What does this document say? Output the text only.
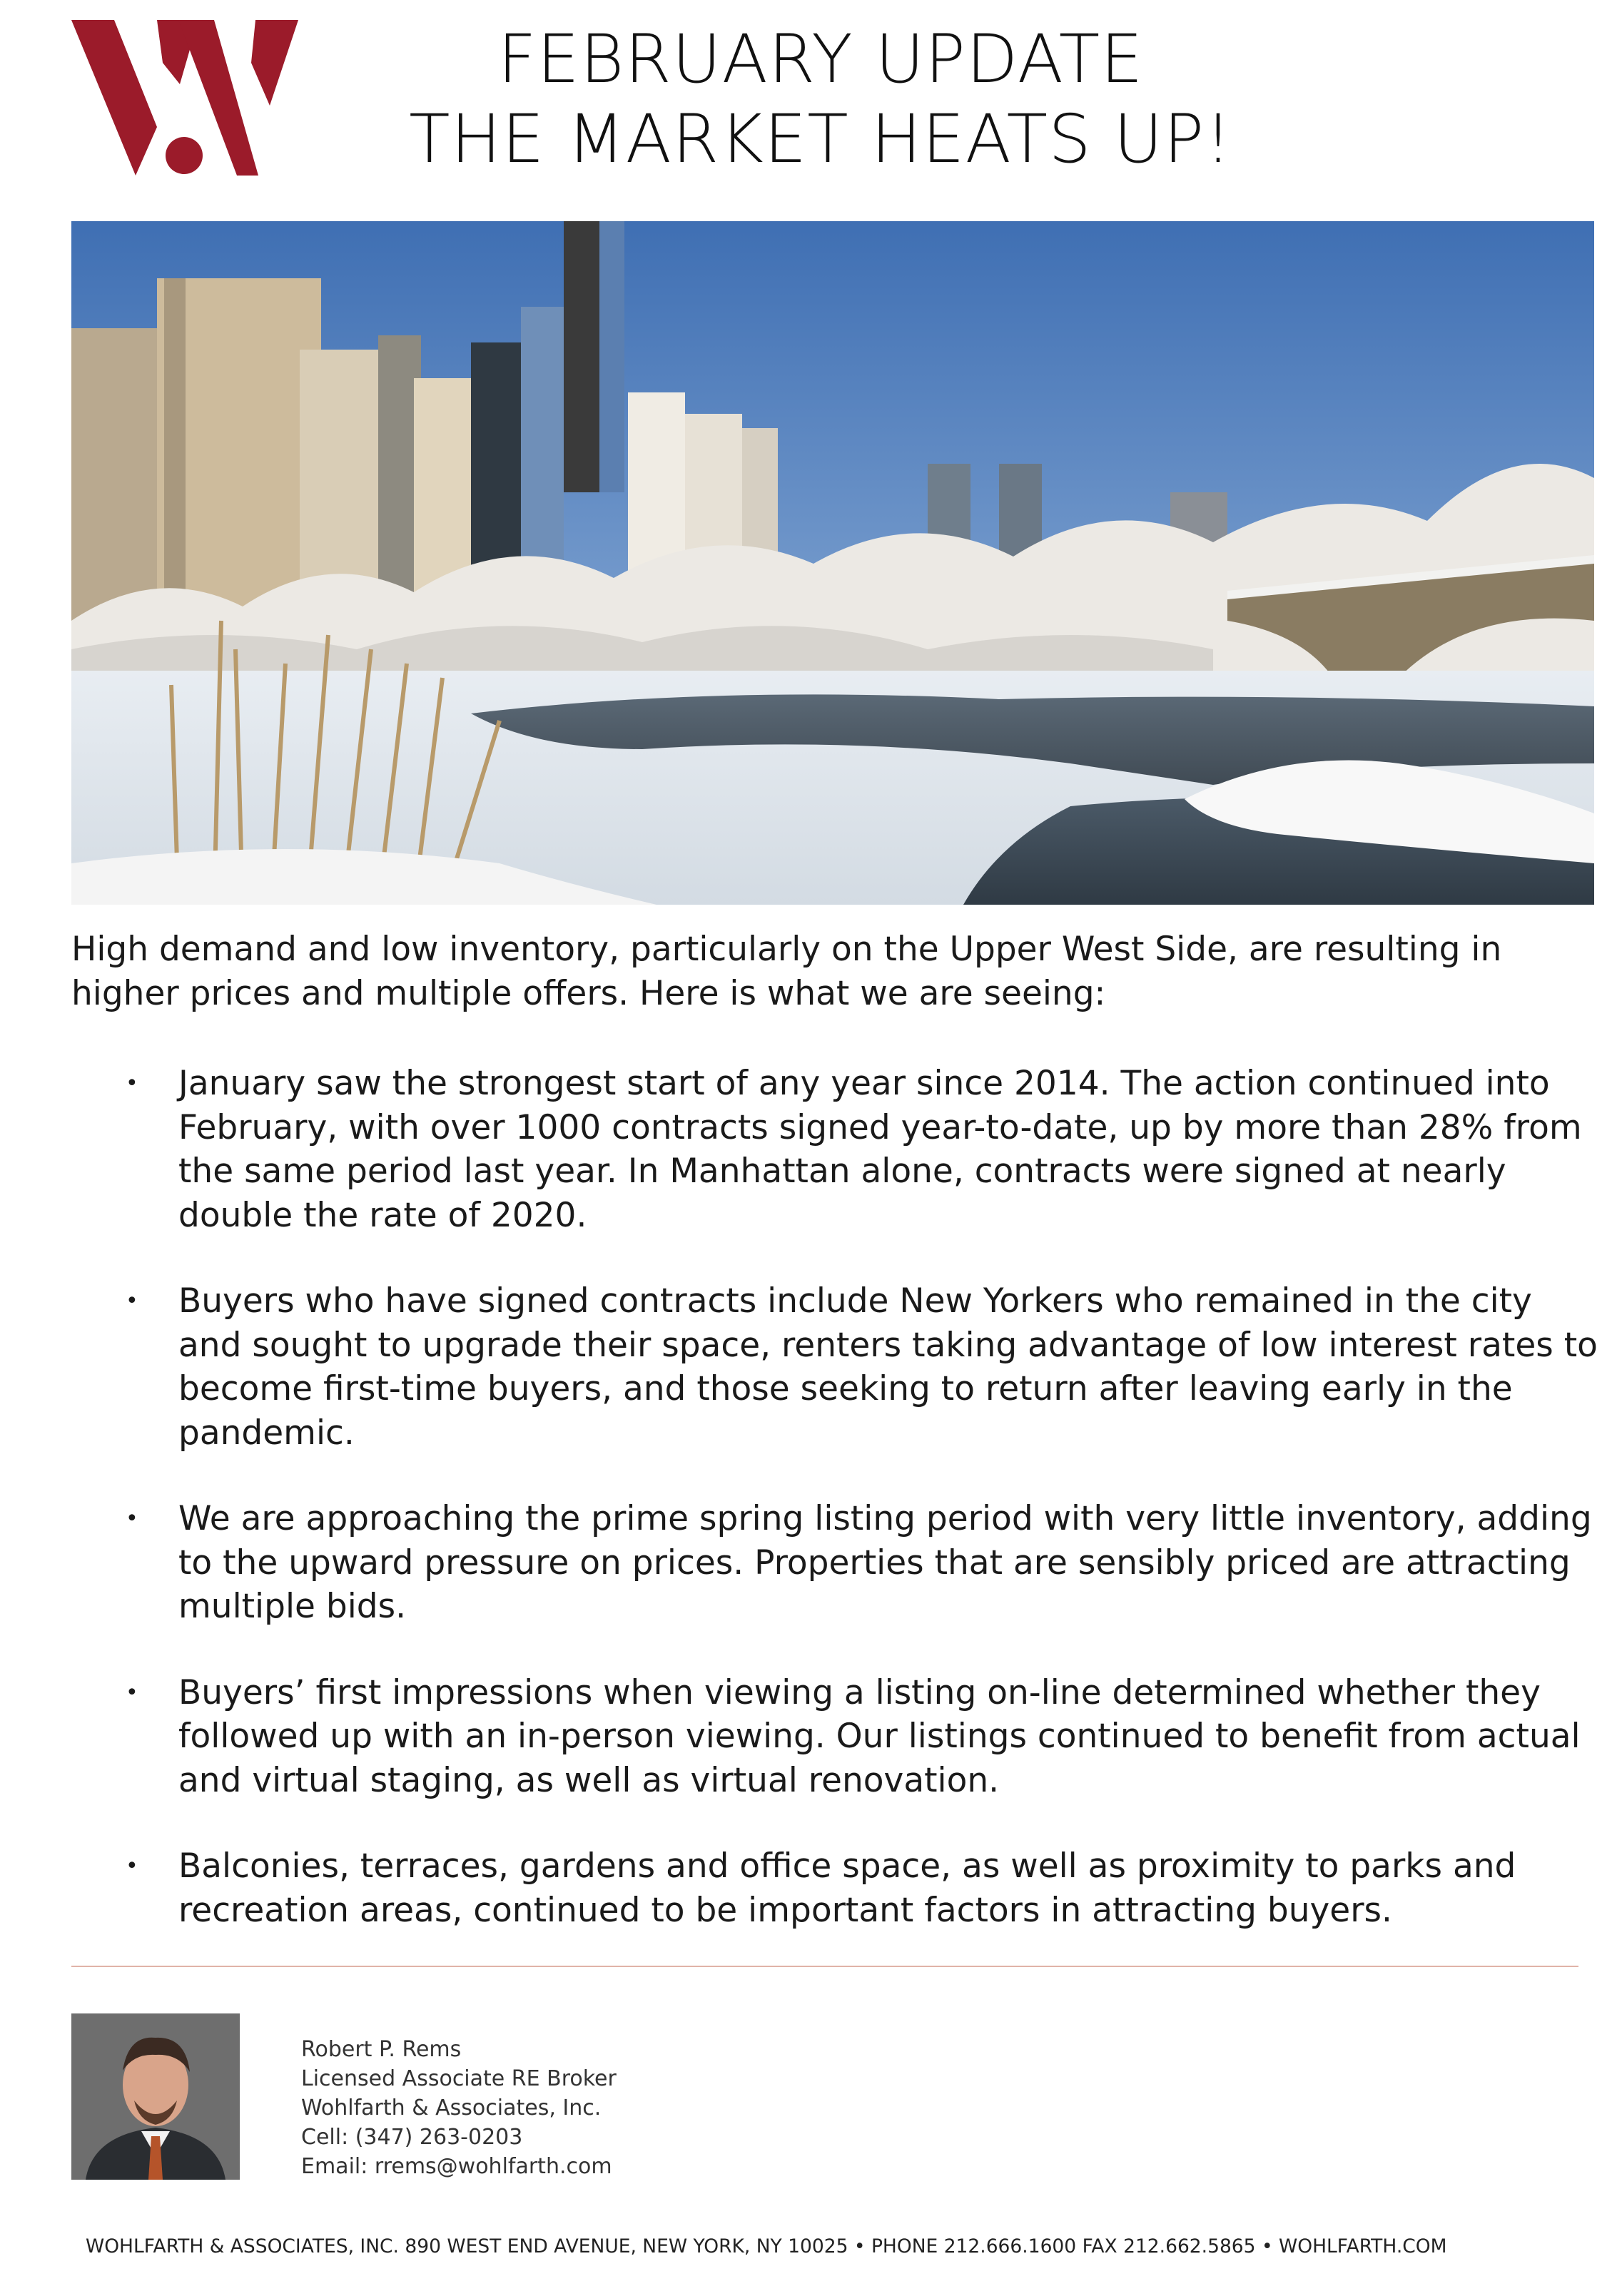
FEBRUARY UPDATE
THE MARKET HEATS UP!
High demand and low inventory, particularly on the Upper West Side, are resulting in higher prices and multiple offers. Here is what we are seeing:
• January saw the strongest start of any year since 2014. The action continued into February, with over 1000 contracts signed year-to-date, up by more than 28% from the same period last year. In Manhattan alone, contracts were signed at nearly double the rate of 2020.
• Buyers who have signed contracts include New Yorkers who remained in the city and sought to upgrade their space, renters taking advantage of low interest rates to become first-time buyers, and those seeking to return after leaving early in the pandemic.
• We are approaching the prime spring listing period with very little inventory, adding to the upward pressure on prices. Properties that are sensibly priced are attracting multiple bids.
• Buyers’ first impressions when viewing a listing on-line determined whether they followed up with an in-person viewing. Our listings continued to benefit from actual and virtual staging, as well as virtual renovation.
• Balconies, terraces, gardens and office space, as well as proximity to parks and recreation areas, continued to be important factors in attracting buyers.
Robert P. Rems
Licensed Associate RE Broker
Wohlfarth & Associates, Inc.
Cell: (347) 263-0203
Email: rrems@wohlfarth.com
WOHLFARTH & ASSOCIATES, INC. 890 WEST END AVENUE, NEW YORK, NY 10025 • PHONE 212.666.1600 FAX 212.662.5865 • WOHLFARTH.COM
